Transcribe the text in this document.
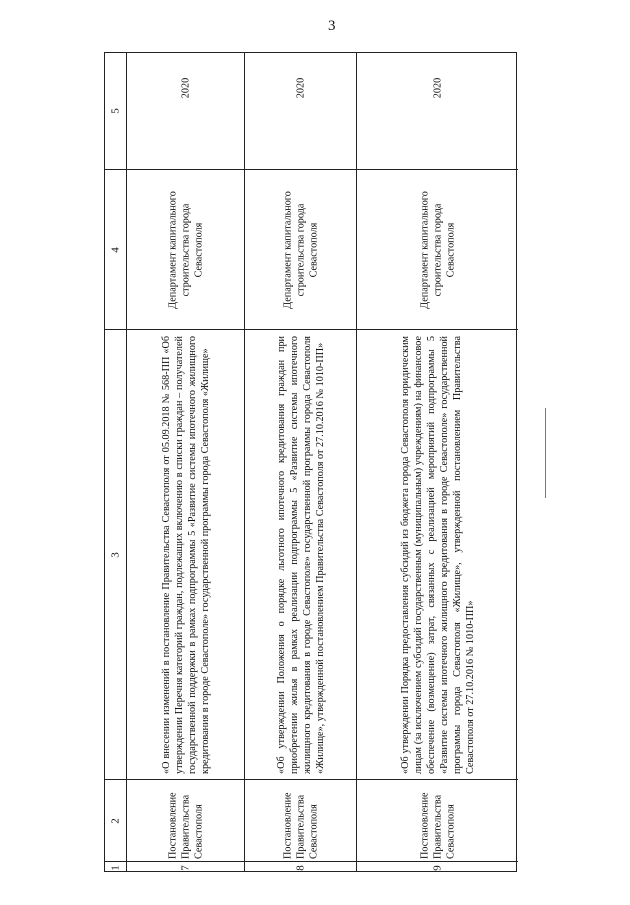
3
5
4
3
2
1
2020
Департамент капитального строительства города Севастополя
«О внесении изменений в постановление Правительства Севастополя от 05.09.2018 № 568-ПП «Об утверждении Перечня категорий граждан, подлежащих включению в списки граждан – получателей государственной поддержки в рамках подпрограммы 5 «Развитие системы ипотечного жилищного кредитования в городе Севастополе» государственной программы города Севастополя «Жилище»
Постановление Правительства Севастополя
7
2020
Департамент капитального строительства города Севастополя
«Об утверждении Положения о порядке льготного ипотечного кредитования граждан при приобретении жилья в рамках реализации подпрограммы 5 «Развитие системы ипотечного жилищного кредитования в городе Севастополе» государственной программы города Севастополя «Жилище», утвержденной постановлением Правительства Севастополя от 27.10.2016 № 1010-ПП»
Постановление Правительства Севастополя
8
2020
Департамент капитального строительства города Севастополя
«Об утверждении Порядка предоставления субсидий из бюджета города Севастополя юридическим лицам (за исключением субсидий государственным (муниципальным) учреждениям) на финансовое обеспечение (возмещение) затрат, связанных с реализацией мероприятий подпрограммы 5 «Развитие системы ипотечного жилищного кредитования в городе Севастополе» государственной программы города Севастополя «Жилище», утвержденной постановлением Правительства Севастополя от 27.10.2016 № 1010-ПП»
Постановление Правительства Севастополя
9
